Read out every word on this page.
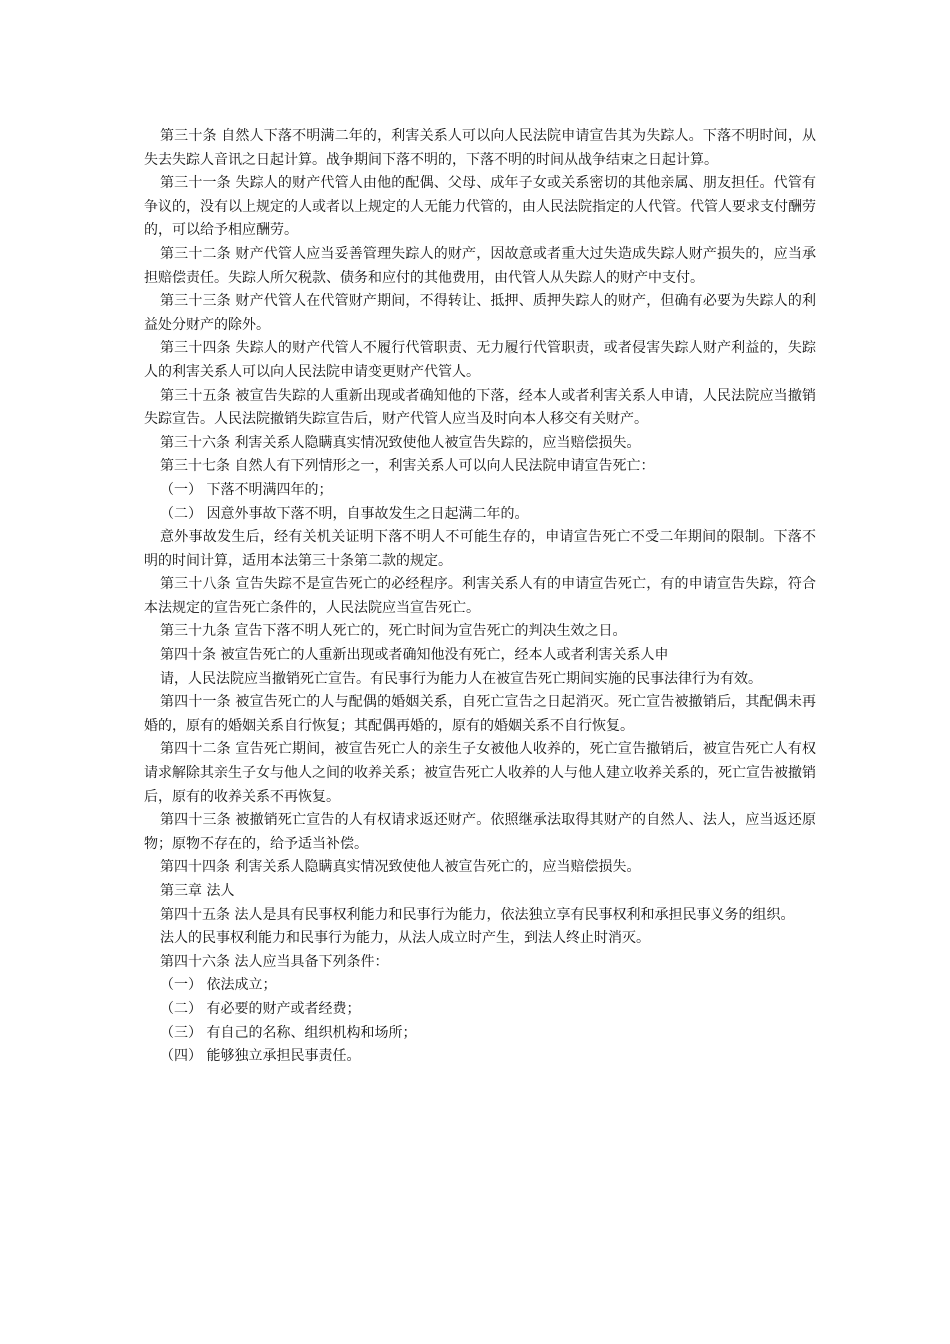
第三十条 自然人下落不明满二年的，利害关系人可以向人民法院申请宣告其为失踪人。下落不明时间，从失去失踪人音讯之日起计算。战争期间下落不明的，下落不明的时间从战争结束之日起计算。

第三十一条 失踪人的财产代管人由他的配偶、父母、成年子女或关系密切的其他亲属、朋友担任。代管有争议的，没有以上规定的人或者以上规定的人无能力代管的，由人民法院指定的人代管。代管人要求支付酬劳的，可以给予相应酬劳。

第三十二条 财产代管人应当妥善管理失踪人的财产，因故意或者重大过失造成失踪人财产损失的，应当承担赔偿责任。失踪人所欠税款、债务和应付的其他费用，由代管人从失踪人的财产中支付。

第三十三条 财产代管人在代管财产期间，不得转让、抵押、质押失踪人的财产，但确有必要为失踪人的利益处分财产的除外。

第三十四条 失踪人的财产代管人不履行代管职责、无力履行代管职责，或者侵害失踪人财产利益的，失踪人的利害关系人可以向人民法院申请变更财产代管人。

第三十五条 被宣告失踪的人重新出现或者确知他的下落，经本人或者利害关系人申请，人民法院应当撤销失踪宣告。人民法院撤销失踪宣告后，财产代管人应当及时向本人移交有关财产。

第三十六条 利害关系人隐瞒真实情况致使他人被宣告失踪的，应当赔偿损失。

第三十七条 自然人有下列情形之一，利害关系人可以向人民法院申请宣告死亡：

（一） 下落不明满四年的；

（二） 因意外事故下落不明，自事故发生之日起满二年的。

意外事故发生后，经有关机关证明下落不明人不可能生存的，申请宣告死亡不受二年期间的限制。下落不明的时间计算，适用本法第三十条第二款的规定。

第三十八条 宣告失踪不是宣告死亡的必经程序。利害关系人有的申请宣告死亡，有的申请宣告失踪，符合本法规定的宣告死亡条件的，人民法院应当宣告死亡。

第三十九条 宣告下落不明人死亡的，死亡时间为宣告死亡的判决生效之日。

第四十条 被宣告死亡的人重新出现或者确知他没有死亡，经本人或者利害关系人申

请，人民法院应当撤销死亡宣告。有民事行为能力人在被宣告死亡期间实施的民事法律行为有效。

第四十一条 被宣告死亡的人与配偶的婚姻关系，自死亡宣告之日起消灭。死亡宣告被撤销后，其配偶未再婚的，原有的婚姻关系自行恢复；其配偶再婚的，原有的婚姻关系不自行恢复。

第四十二条 宣告死亡期间，被宣告死亡人的亲生子女被他人收养的，死亡宣告撤销后，被宣告死亡人有权请求解除其亲生子女与他人之间的收养关系；被宣告死亡人收养的人与他人建立收养关系的，死亡宣告被撤销后，原有的收养关系不再恢复。

第四十三条 被撤销死亡宣告的人有权请求返还财产。依照继承法取得其财产的自然人、法人，应当返还原物；原物不存在的，给予适当补偿。

第四十四条 利害关系人隐瞒真实情况致使他人被宣告死亡的，应当赔偿损失。

第三章 法人

第四十五条 法人是具有民事权利能力和民事行为能力，依法独立享有民事权利和承担民事义务的组织。

法人的民事权利能力和民事行为能力，从法人成立时产生，到法人终止时消灭。

第四十六条 法人应当具备下列条件：

（一） 依法成立；

（二） 有必要的财产或者经费；

（三） 有自己的名称、组织机构和场所；

（四） 能够独立承担民事责任。
